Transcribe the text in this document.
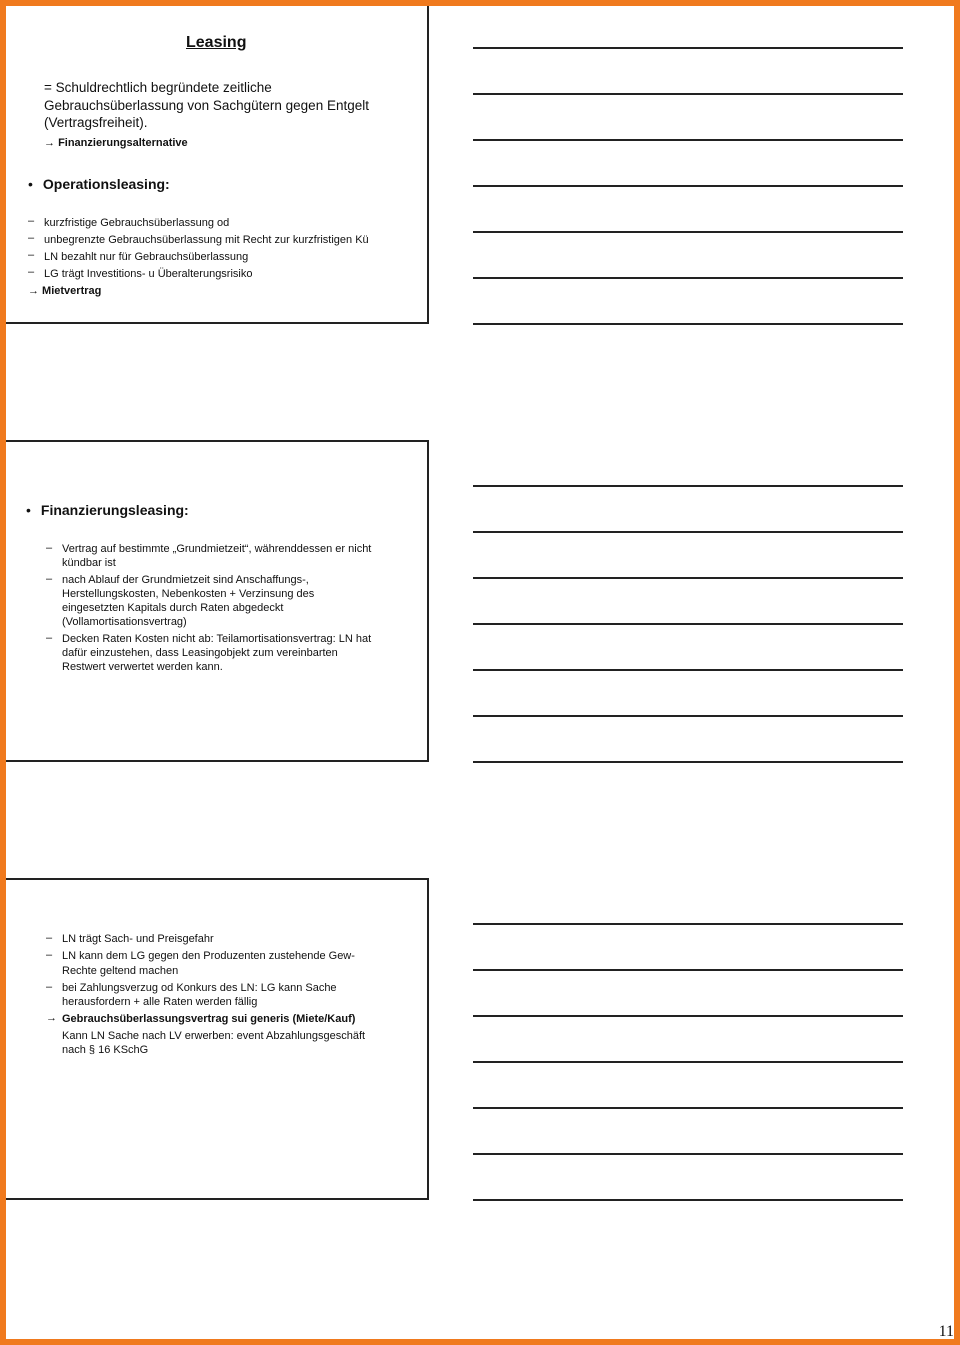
Leasing
= Schuldrechtlich begründete zeitliche
Gebrauchsüberlassung von Sachgütern gegen Entgelt
(Vertragsfreiheit).
→ Finanzierungsalternative
• Operationsleasing:
– kurzfristige Gebrauchsüberlassung od
– unbegrenzte Gebrauchsüberlassung mit Recht zur kurzfristigen Kü
– LN bezahlt nur für Gebrauchsüberlassung
– LG trägt Investitions- u Überalterungsrisiko
→ Mietvertrag
• Finanzierungsleasing:
– Vertrag auf bestimmte „Grundmietzeit“, währenddessen er nicht
kündbar ist
– nach Ablauf der Grundmietzeit sind Anschaffungs-,
Herstellungskosten, Nebenkosten + Verzinsung des
eingesetzten Kapitals durch Raten abgedeckt
(Vollamortisationsvertrag)
– Decken Raten Kosten nicht ab: Teilamortisationsvertrag: LN hat
dafür einzustehen, dass Leasingobjekt zum vereinbarten
Restwert verwertet werden kann.
– LN trägt Sach- und Preisgefahr
– LN kann dem LG gegen den Produzenten zustehende Gew-
Rechte geltend machen
– bei Zahlungsverzug od Konkurs des LN: LG kann Sache
herausfordern + alle Raten werden fällig
→ Gebrauchsüberlassungsvertrag sui generis (Miete/Kauf)
Kann LN Sache nach LV erwerben: event Abzahlungsgeschäft
nach § 16 KSchG
11
